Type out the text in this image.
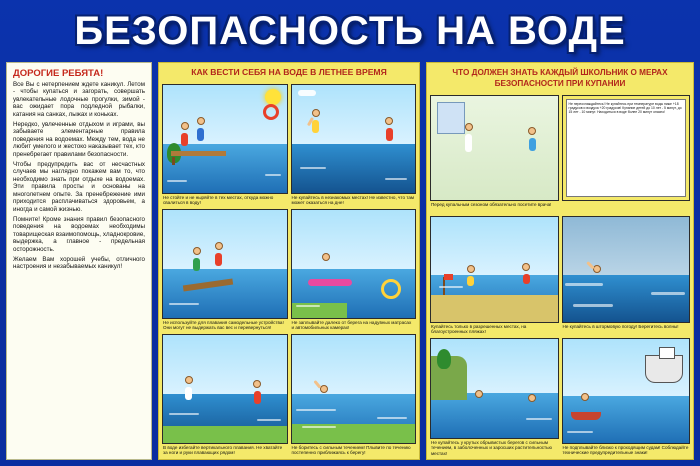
БЕЗОПАСНОСТЬ НА ВОДЕ
ДОРОГИЕ РЕБЯТА!

Все Вы с нетерпением ждете каникул. Летом - чтобы купаться и загорать, совершать увлекательные лодочные прогулки, зимой - вас ожидает пора подледной рыбалки, катания на санках, лыжах и коньках.

Нередко, увлеченные отдыхом и играми, вы забываете элементарные правила поведения на водоемах. Между тем, вода не любит умелого и жестоко наказывает тех, кто пренебрегает правилами безопасности.

Чтобы предупредить вас от несчастных случаев мы наглядно покажем вам то, что необходимо знать при отдыхе на водоемах. Эти правила просты и основаны на многолетнем опыте. За пренебрежение ими приходится расплачиваться здоровьем, а иногда и самой жизнью.

Помните! Кроме знания правил безопасного поведения на водоемах необходимы товарищеская взаимопомощь, хладнокровие, выдержка, а главное - предельная осторожность.

Желаем Вам хорошей учебы, отличного настроения и незабываемых каникул!

КАК ВЕСТИ СЕБЯ НА ВОДЕ В ЛЕТНЕЕ ВРЕМЯ
Не стойте и не ныряйте в тех местах, откуда можно свалиться в воду!
Не купайтесь в незнакомых местах! Не известно, что там может оказаться на дне!
Не используйте для плавания самодельные устройства! Они могут не выдержать вас вес и перевернуться!
Не заплывайте далеко от берега на надувных матрасах и автомобильных камерах!
В воде избегайте вертикального плавания. Не хватайте за ноги и руки плавающих рядом!
Не боритесь с сильным течением! Плывите по течению постепенно приближаясь к берегу!
ЧТО ДОЛЖЕН ЗНАТЬ КАЖДЫЙ ШКОЛЬНИК О МЕРАХ БЕЗОПАСНОСТИ ПРИ КУПАНИИ
Перед купальным сезоном обязательно посетите врача!
Не переохлаждайтесь! Не купайтесь при температуре воды ниже +18 градусов и воздуха +20 градусов! Купание детей до 10 лет - 5 минут, до 15 лет - 10 минут. Находиться в воде более 20 минут опасно!
Купайтесь только в разрешенных местах, на благоустроенных пляжах!
Не купайтесь в штормовую погоду! Берегитесь волны!
Не купайтесь у крутых обрывистых берегов с сильным течением, в заболоченных и заросших растительностью местах!
Не подплывайте близко к проходящим судам! Соблюдайте технические предупредительные знаки!
